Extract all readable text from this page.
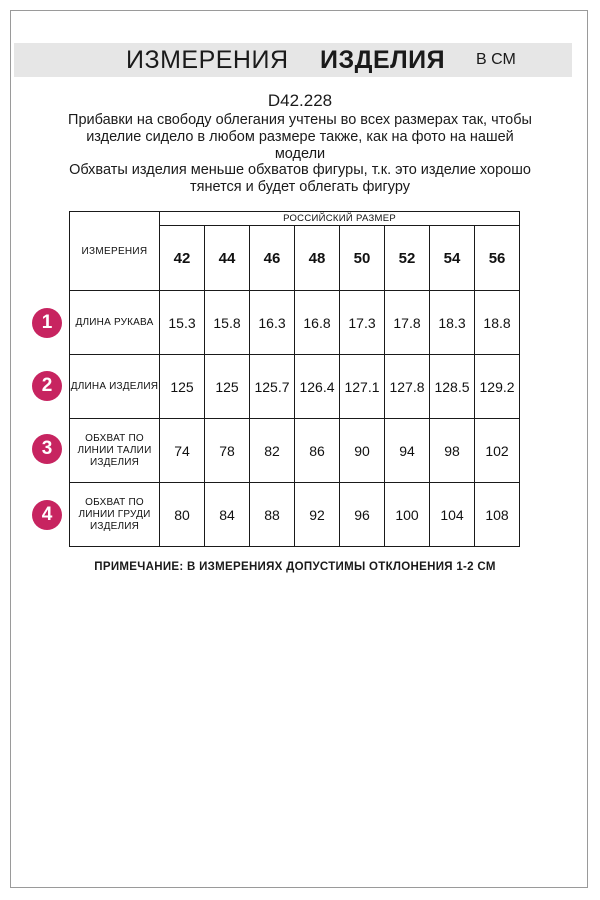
ИЗМЕРЕНИЯ ИЗДЕЛИЯ В СМ
D42.228
Прибавки на свободу облегания учтены во всех размерах так, чтобы изделие сидело в любом размере также, как на фото на нашей модели
Обхваты изделия меньше обхватов фигуры, т.к. это изделие хорошо тянется и будет облегать фигуру
ИЗМЕРЕНИЯ	РОССИЙСКИЙ РАЗМЕР							
	42	44	46	48	50	52	54	56
ДЛИНА РУКАВА	15.3	15.8	16.3	16.8	17.3	17.8	18.3	18.8
ДЛИНА ИЗДЕЛИЯ	125	125	125.7	126.4	127.1	127.8	128.5	129.2
ОБХВАТ ПО ЛИНИИ ТАЛИИ ИЗДЕЛИЯ	74	78	82	86	90	94	98	102
ОБХВАТ ПО ЛИНИИ ГРУДИ ИЗДЕЛИЯ	80	84	88	92	96	100	104	108
1
2
3
4
ПРИМЕЧАНИЕ: В ИЗМЕРЕНИЯХ ДОПУСТИМЫ ОТКЛОНЕНИЯ 1-2 СМ
